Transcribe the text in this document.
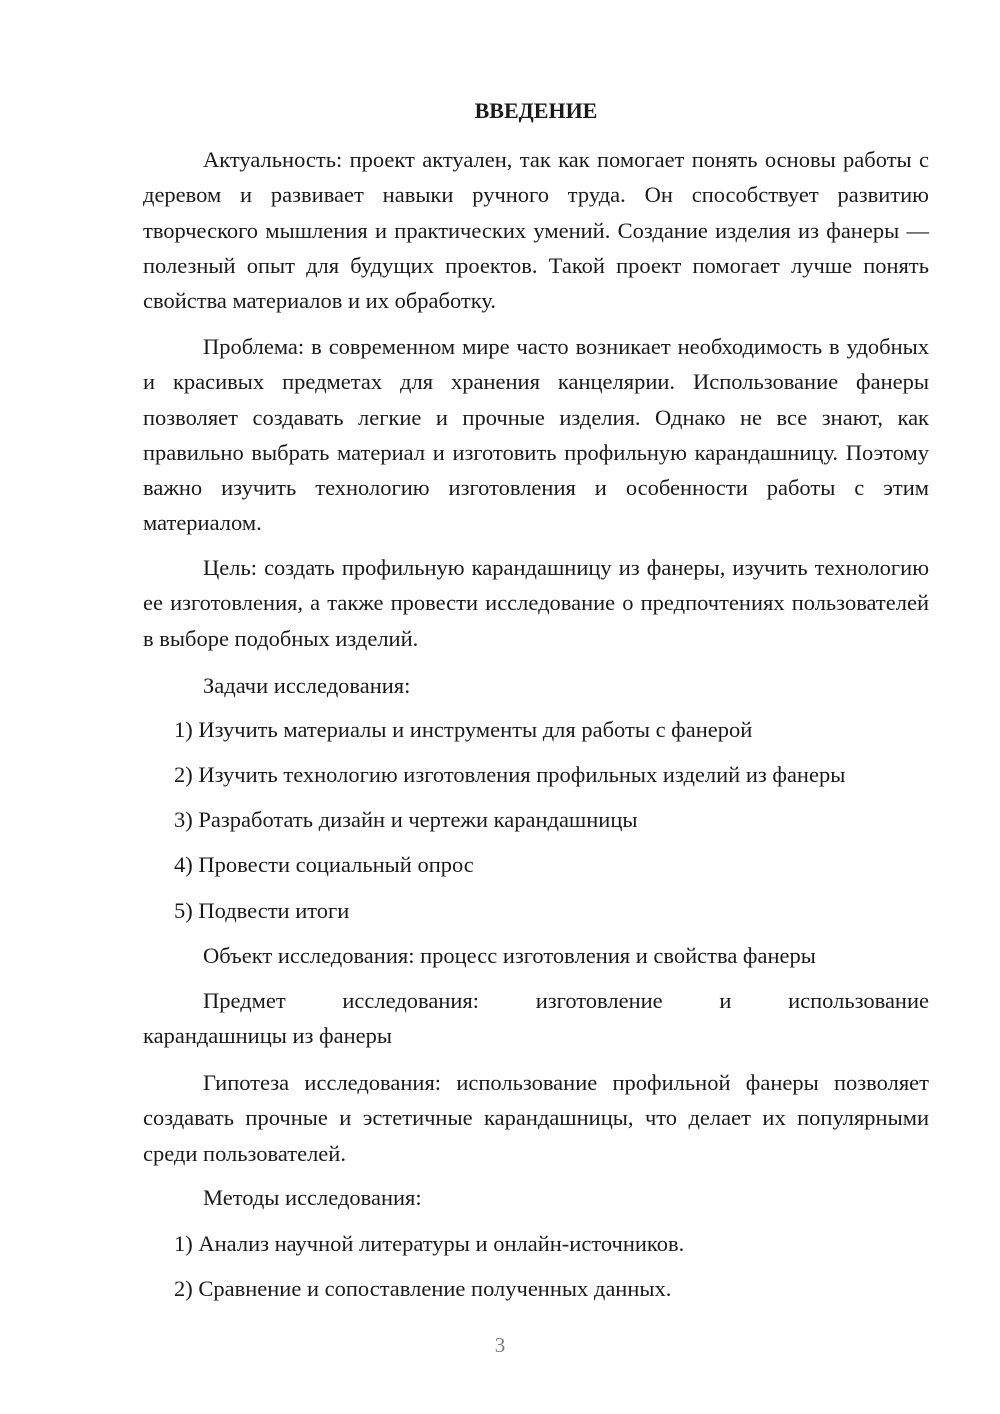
ВВЕДЕНИЕ
Актуальность: проект актуален, так как помогает понять основы работы с деревом и развивает навыки ручного труда. Он способствует развитию творческого мышления и практических умений. Создание изделия из фанеры — полезный опыт для будущих проектов. Такой проект помогает лучше понять свойства материалов и их обработку.
Проблема: в современном мире часто возникает необходимость в удобных и красивых предметах для хранения канцелярии. Использование фанеры позволяет создавать легкие и прочные изделия. Однако не все знают, как правильно выбрать материал и изготовить профильную карандашницу. Поэтому важно изучить технологию изготовления и особенности работы с этим материалом.
Цель: создать профильную карандашницу из фанеры, изучить технологию ее изготовления, а также провести исследование о предпочтениях пользователей в выборе подобных изделий.
Задачи исследования:
1) Изучить материалы и инструменты для работы с фанерой
2) Изучить технологию изготовления профильных изделий из фанеры
3) Разработать дизайн и чертежи карандашницы
4) Провести социальный опрос
5) Подвести итоги
Объект исследования: процесс изготовления и свойства фанеры
Предмет	исследования:	изготовление	и	использование
карандашницы из фанеры
Гипотеза исследования: использование профильной фанеры позволяет создавать прочные и эстетичные карандашницы, что делает их популярными среди пользователей.
Методы исследования:
1) Анализ научной литературы и онлайн-источников.
2) Сравнение и сопоставление полученных данных.
3
